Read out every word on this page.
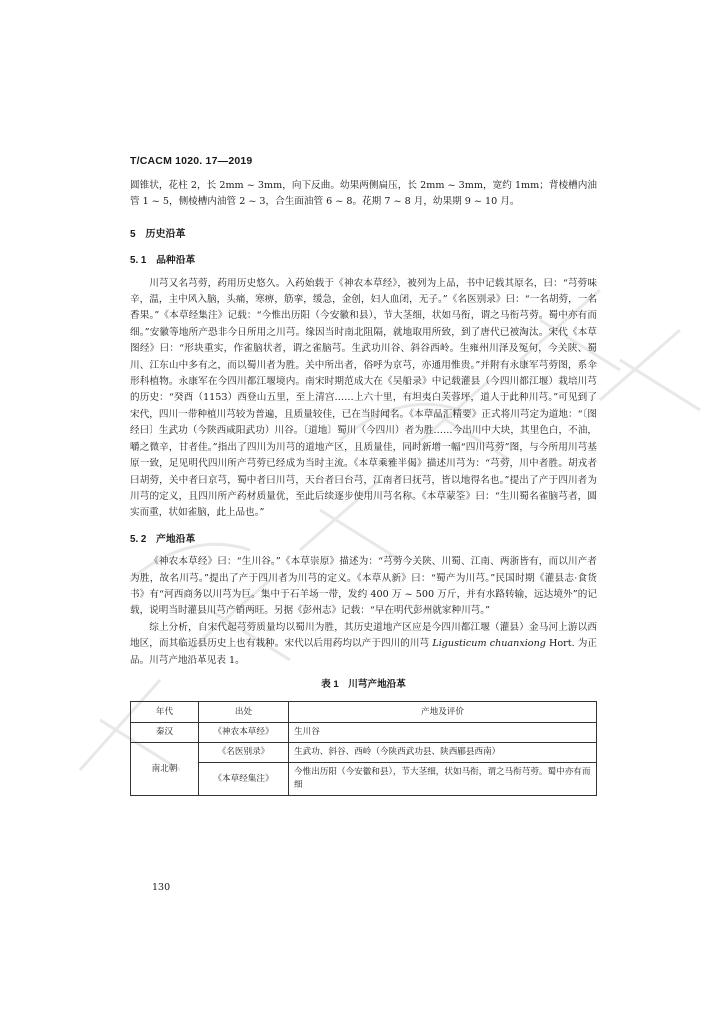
T/CACM 1020. 17—2019

圆锥状，花柱 2，长 2mm ~ 3mm，向下反曲。幼果两侧扁压，长 2mm ~ 3mm，宽约 1mm；背棱槽内油管 1 ~ 5，侧棱槽内油管 2 ~ 3，合生面油管 6 ~ 8。花期 7 ~ 8 月，幼果期 9 ~ 10 月。

5　历史沿革
5. 1　品种沿革

川芎又名芎䓖，药用历史悠久。入药始载于《神农本草经》，被列为上品，书中记载其原名，曰：“芎䓖味辛，温，主中风入脑，头痛，寒痹，筋挛，缓急，金创，妇人血闭，无子。”《名医别录》曰：“一名胡䓖，一名香果。”《本草经集注》记载：“今惟出历阳（今安徽和县），节大茎细，状如马衔，谓之马衔芎䓖。蜀中亦有而细。”安徽等地所产恐非今日所用之川芎。缘因当时南北阻隔，就地取用所致，到了唐代已被淘汰。宋代《本草图经》曰：“形块重实，作雀脑状者，谓之雀脑芎。生武功川谷、斜谷西岭。生雍州川泽及冤句，今关陕、蜀川、江东山中多有之，而以蜀川者为胜。关中所出者，俗呼为京芎，亦通用惟贵。”并附有永康军芎䓖图，系伞形科植物。永康军在今四川都江堰境内。南宋时期范成大在《吴船录》中记载灌县（今四川都江堰）栽培川芎的历史：“癸酉（1153）西登山五里，至上清宫……上六十里，有坦夷白芙蓉坪，道人于此种川芎。”可见到了宋代，四川一带种植川芎较为普遍，且质量较佳，已在当时闻名。《本草品汇精要》正式将川芎定为道地：“〔图经曰〕生武功（今陕西咸阳武功）川谷。〔道地〕蜀川（今四川）者为胜……今出川中大块，其里色白，不油，嚼之微辛，甘者佳。”指出了四川为川芎的道地产区，且质量佳，同时新增一幅“四川芎䓖”图，与今所用川芎基原一致，足见明代四川所产芎䓖已经成为当时主流。《本草乘雅半偈》描述川芎为：“芎䓖，川中者胜。胡戎者曰胡䓖，关中者曰京芎，蜀中者曰川芎，天台者曰台芎，江南者曰抚芎，皆以地得名也。”提出了产于四川者为川芎的定义，且四川所产药材质量优，至此后续逐步使用川芎名称。《本草蒙筌》曰：“生川蜀名雀脑芎者，圆实而重，状如雀脑，此上品也。”

5. 2　产地沿革

《神农本草经》曰：“生川谷。”《本草崇原》描述为：“芎䓖今关陕、川蜀、江南、两浙皆有，而以川产者为胜，故名川芎。”提出了产于四川者为川芎的定义。《本草从新》曰：“蜀产为川芎。”民国时期《灌县志·食货书》有“河西商务以川芎为巨。集中于石羊场一带，发约 400 万 ~ 500 万斤，并有水路转输，远达境外”的记载，说明当时灌县川芎产销两旺。另据《彭州志》记载：“早在明代彭州就家种川芎。”

综上分析，自宋代起芎䓖质量均以蜀川为胜，其历史道地产区应是今四川都江堰（灌县）金马河上游以西地区，而其临近县历史上也有栽种。宋代以后用药均以产于四川的川芎 Ligusticum chuanxiong Hort. 为正品。川芎产地沿革见表 1。

表 1　川芎产地沿革
年代	出处	产地及评价
秦汉	《神农本草经》	生川谷
南北朝	《名医别录》	生武功、斜谷、西岭（今陕西武功县、陕西郿县西南）
	《本草经集注》	今惟出历阳（今安徽和县），节大茎细，状如马衔，谓之马衔芎䓖。蜀中亦有而细
130
